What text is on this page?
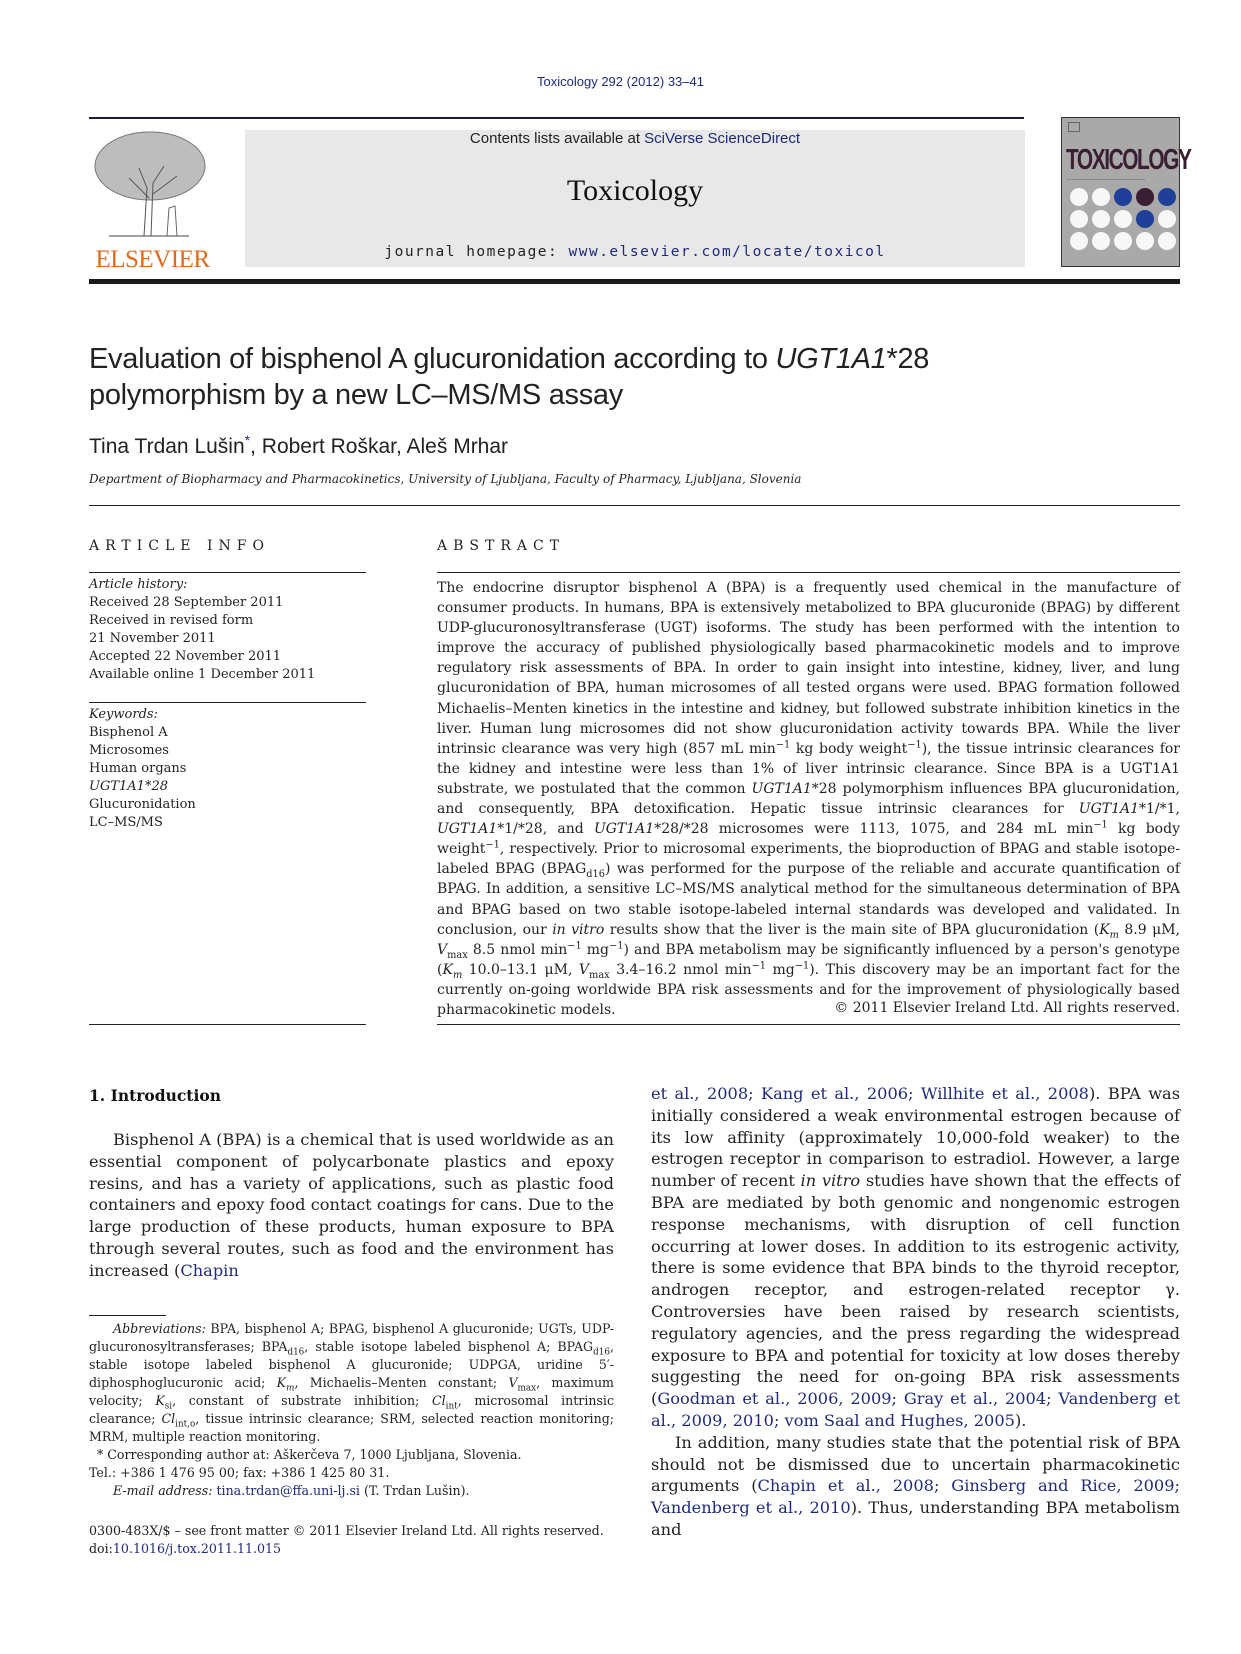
Toxicology 292 (2012) 33–41
ELSEVIER
Contents lists available at SciVerse ScienceDirect
Toxicology
journal homepage: www.elsevier.com/locate/toxicol
TOXICOLOGY
Evaluation of bisphenol A glucuronidation according to UGT1A1*28
polymorphism by a new LC–MS/MS assay
Tina Trdan Lušin*, Robert Roškar, Aleš Mrhar
Department of Biopharmacy and Pharmacokinetics, University of Ljubljana, Faculty of Pharmacy, Ljubljana, Slovenia
ARTICLE INFO
Article history:
Received 28 September 2011
Received in revised form
21 November 2011
Accepted 22 November 2011
Available online 1 December 2011
Keywords:
Bisphenol A
Microsomes
Human organs
UGT1A1*28
Glucuronidation
LC–MS/MS
ABSTRACT
The endocrine disruptor bisphenol A (BPA) is a frequently used chemical in the manufacture of consumer products. In humans, BPA is extensively metabolized to BPA glucuronide (BPAG) by different UDP-glucuronosyltransferase (UGT) isoforms. The study has been performed with the intention to improve the accuracy of published physiologically based pharmacokinetic models and to improve regulatory risk assessments of BPA. In order to gain insight into intestine, kidney, liver, and lung glucuronidation of BPA, human microsomes of all tested organs were used. BPAG formation followed Michaelis–Menten kinetics in the intestine and kidney, but followed substrate inhibition kinetics in the liver. Human lung microsomes did not show glucuronidation activity towards BPA. While the liver intrinsic clearance was very high (857 mL $\min^{-1}$ kg body weight$^{-1}$), the tissue intrinsic clearances for the kidney and intestine were less than 1% of liver intrinsic clearance. Since BPA is a UGT1A1 substrate, we postulated that the common UGT1A1*28 polymorphism influences BPA glucuronidation, and consequently, BPA detoxification. Hepatic tissue intrinsic clearances for UGT1A1*1/*1, UGT1A1*1/*28, and UGT1A1*28/*28 microsomes were 1113, 1075, and 284 mL $\min^{-1}$ kg body weight$^{-1}$, respectively. Prior to microsomal experiments, the bioproduction of BPAG and stable isotope-labeled BPAG $(BPAG_{d16})$ was performed for the purpose of the reliable and accurate quantification of BPAG. In addition, a sensitive LC–MS/MS analytical method for the simultaneous determination of BPA and BPAG based on two stable isotope-labeled internal standards was developed and validated. In conclusion, our in vitro results show that the liver is the main site of BPA glucuronidation ($K_m$ 8.9 μM, $V_{max}$ 8.5 nmol $\min^{-1} mg^{-1}$) and BPA metabolism may be significantly influenced by a person's genotype ($K_m$ 10.0–13.1 μM, $V_{max}$ 3.4–16.2 nmol $\min^{-1} mg^{-1}$). This discovery may be an important fact for the currently on-going worldwide BPA risk assessments and for the improvement of physiologically based pharmacokinetic models.	© 2011 Elsevier Ireland Ltd. All rights reserved.
1. Introduction
Bisphenol A (BPA) is a chemical that is used worldwide as an essential component of polycarbonate plastics and epoxy resins, and has a variety of applications, such as plastic food containers and epoxy food contact coatings for cans. Due to the large production of these products, human exposure to BPA through several routes, such as food and the environment has increased (Chapin
et al., 2008; Kang et al., 2006; Willhite et al., 2008). BPA was initially considered a weak environmental estrogen because of its low affinity (approximately 10,000-fold weaker) to the estrogen receptor in comparison to estradiol. However, a large number of recent in vitro studies have shown that the effects of BPA are mediated by both genomic and nongenomic estrogen response mechanisms, with disruption of cell function occurring at lower doses. In addition to its estrogenic activity, there is some evidence that BPA binds to the thyroid receptor, androgen receptor, and estrogen-related receptor γ. Controversies have been raised by research scientists, regulatory agencies, and the press regarding the widespread exposure to BPA and potential for toxicity at low doses thereby suggesting the need for on-going BPA risk assessments (Goodman et al., 2006, 2009; Gray et al., 2004; Vandenberg et al., 2009, 2010; vom Saal and Hughes, 2005).
In addition, many studies state that the potential risk of BPA should not be dismissed due to uncertain pharmacokinetic arguments (Chapin et al., 2008; Ginsberg and Rice, 2009; Vandenberg et al., 2010). Thus, understanding BPA metabolism and
Abbreviations: BPA, bisphenol A; BPAG, bisphenol A glucuronide; UGTs, UDP-glucuronosyltransferases; $BPA_{d16}$, stable isotope labeled bisphenol A; $BPAG_{d16}$, stable isotope labeled bisphenol A glucuronide; UDPGA, uridine 5′-diphosphoglucuronic acid; $K_m$, Michaelis–Menten constant; $V_{max}$, maximum velocity; $K_{si}$, constant of substrate inhibition; $Cl_{int}$, microsomal intrinsic clearance; $Cl_{int,o}$, tissue intrinsic clearance; SRM, selected reaction monitoring; MRM, multiple reaction monitoring.
* Corresponding author at: Aškerčeva 7, 1000 Ljubljana, Slovenia.
Tel.: +386 1 476 95 00; fax: +386 1 425 80 31.
E-mail address: tina.trdan@ffa.uni-lj.si (T. Trdan Lušin).
0300-483X/$ – see front matter © 2011 Elsevier Ireland Ltd. All rights reserved.
doi:10.1016/j.tox.2011.11.015
